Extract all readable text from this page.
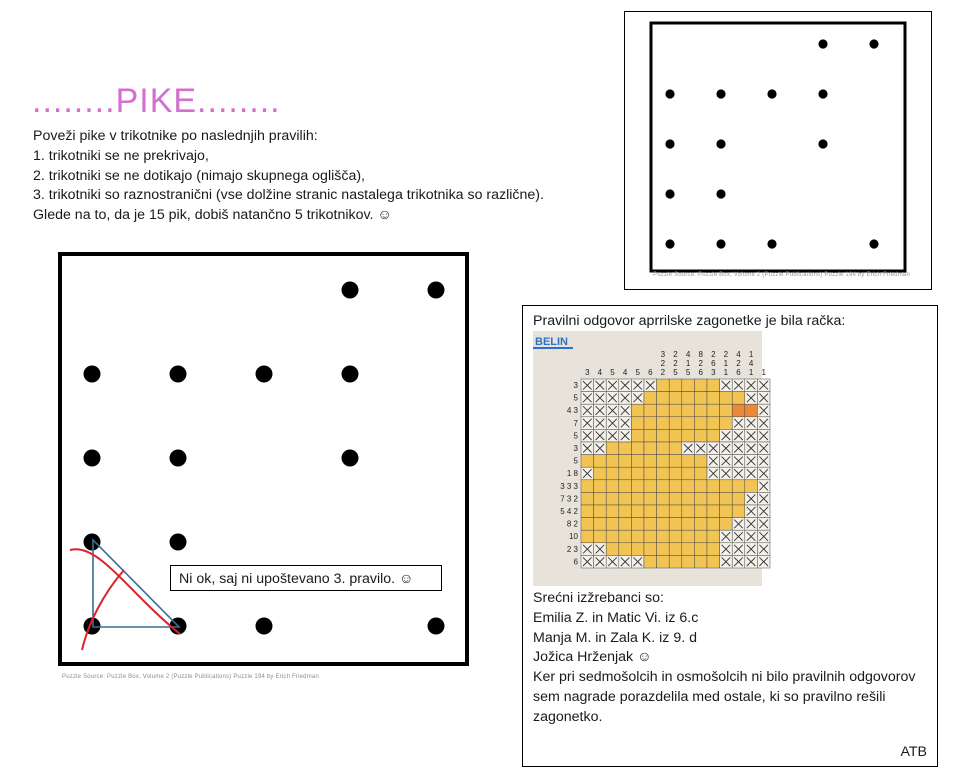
........PIKE........
Poveži pike v trikotnike po naslednjih pravilih:
1. trikotniki se ne prekrivajo,
2. trikotniki se ne dotikajo (nimajo skupnega oglišča),
3. trikotniki so raznostranični (vse dolžine stranic nastalega trikotnika so različne).
Glede na to, da je 15 pik, dobiš natančno 5 trikotnikov. ☺
Puzzle Source: Puzzle Box, Volume 2 (Puzzle Publications) Puzzle 194 by Erich Friedman
Ni ok, saj ni upoštevano 3. pravilo. ☺
Puzzle Source: Puzzle Box, Volume 2 (Puzzle Publications) Puzzle 194 by Erich Friedman
Pravilni odgovor aprrilske zagonetke je bila račka:
BELIN
3 4 5 4 5 6
3
2
2
2
2
5
4
1
5
8
2
6
2
6
3
2
1
1
4
2
6
1
4
1 1
3
5
4 3
7
5
3
5
1 8
3 3 3
7 3 2
5 4 2
8 2
10
2 3
6
Srećni izžrebanci so:
Emilia Z. in Matic Vi. iz 6.c
Manja M. in Zala K. iz 9. d
Jožica Hrženjak ☺
Ker pri sedmošolcih in osmošolcih ni bilo pravilnih odgovorov sem nagrade porazdelila med ostale, ki so pravilno rešili zagonetko.
ATB
